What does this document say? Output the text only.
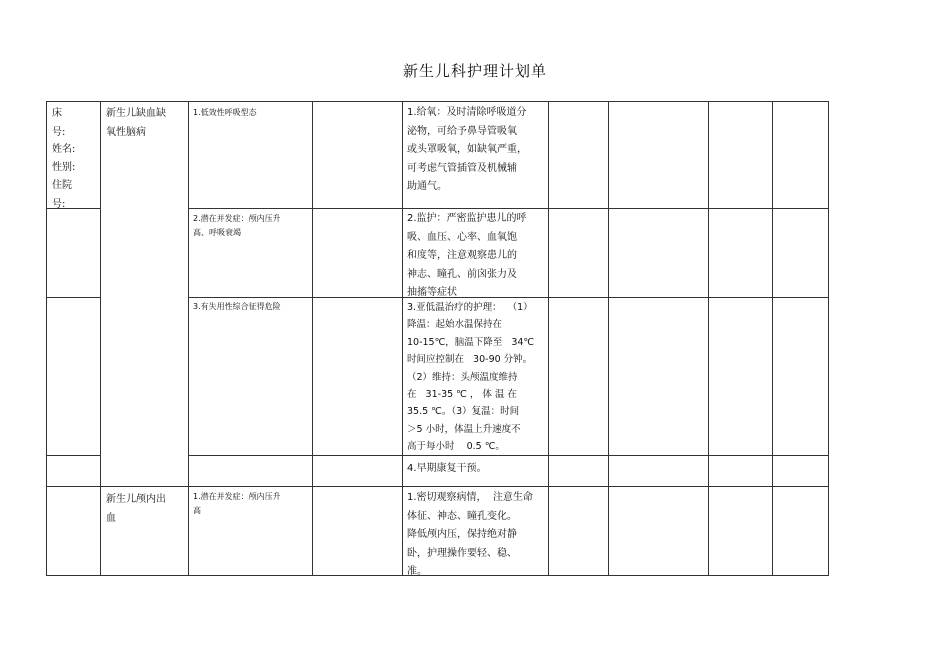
新生儿科护理计划单
床
号:
姓名:
性别:
住院
号:
新生儿缺血缺
氧性脑病
新生儿颅内出
血
1.低效性呼吸型态
2.潜在并发症：颅内压升
高、呼吸衰竭
3.有失用性综合征得危险
1.潜在并发症：颅内压升
高
1.给氧：及时清除呼吸道分
泌物，可给予鼻导管吸氧
或头罩吸氧，如缺氧严重，
可考虑气管插管及机械辅
助通气。
2.监护：严密监护患儿的呼
吸、血压、心率、血氧饱
和度等，注意观察患儿的
神志、瞳孔、前囟张力及
抽搐等症状
3.亚低温治疗的护理：  （1）
降温：起始水温保持在
10-15℃，脑温下降至   34℃
时间应控制在   30-90 分钟。
（2）维持：头颅温度维持
在   31-35 ℃ ， 体 温 在
35.5 ℃。（3）复温：时间
＞5 小时，体温上升速度不
高于每小时    0.5 ℃。
4.早期康复干预。
1.密切观察病情，  注意生命
体征、神态、瞳孔变化。
降低颅内压，保持绝对静
卧，护理操作要轻、稳、
准。
